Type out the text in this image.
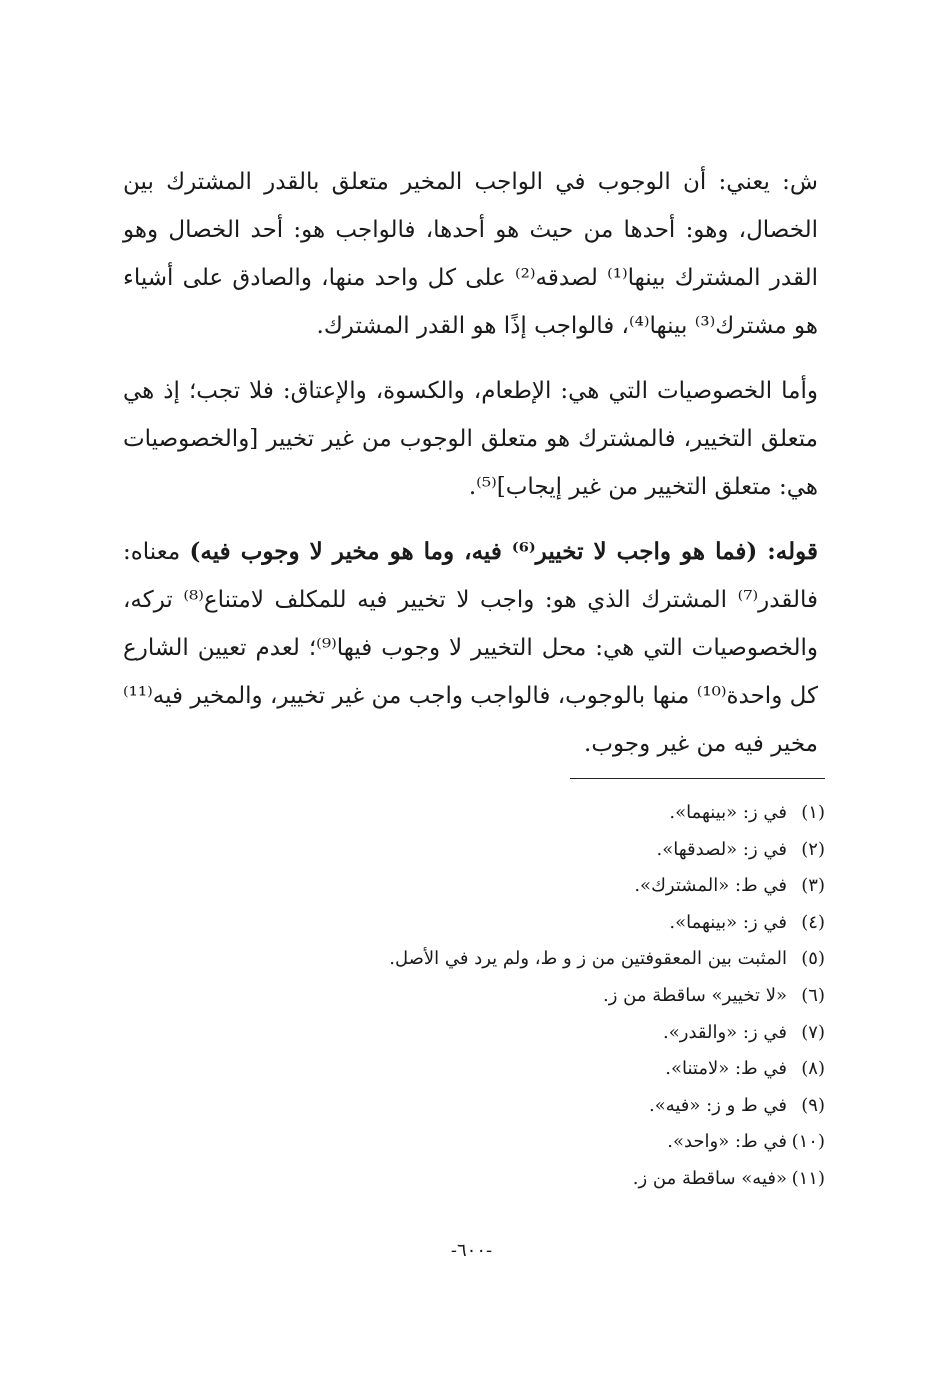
ش: يعني: أن الوجوب في الواجب المخير متعلق بالقدر المشترك بين الخصال، وهو: أحدها من حيث هو أحدها، فالواجب هو: أحد الخصال وهو القدر المشترك بينها⁽¹⁾ لصدقه⁽²⁾ على كل واحد منها، والصادق على أشياء هو مشترك⁽³⁾ بينها⁽⁴⁾، فالواجب إذًا هو القدر المشترك.

وأما الخصوصيات التي هي: الإطعام، والكسوة، والإعتاق: فلا تجب؛ إذ هي متعلق التخيير، فالمشترك هو متعلق الوجوب من غير تخيير [والخصوصيات هي: متعلق التخيير من غير إيجاب]⁽⁵⁾.

قوله: (فما هو واجب لا تخيير⁽⁶⁾ فيه، وما هو مخير لا وجوب فيه) معناه: فالقدر⁽⁷⁾ المشترك الذي هو: واجب لا تخيير فيه للمكلف لامتناع⁽⁸⁾ تركه، والخصوصيات التي هي: محل التخيير لا وجوب فيها⁽⁹⁾؛ لعدم تعيين الشارع كل واحدة⁽¹⁰⁾ منها بالوجوب، فالواجب واجب من غير تخيير، والمخير فيه⁽¹¹⁾ مخير فيه من غير وجوب.

(١)في ز: «بينهما».
(٢)في ز: «لصدقها».
(٣)في ط: «المشترك».
(٤)في ز: «بينهما».
(٥)المثبت بين المعقوفتين من ز و ط، ولم يرد في الأصل.
(٦)«لا تخيير» ساقطة من ز.
(٧)في ز: «والقدر».
(٨)في ط: «لامتنا».
(٩)في ط و ز: «فيه».
(١٠)في ط: «واحد».
(١١)«فيه» ساقطة من ز.
-٦٠٠-
